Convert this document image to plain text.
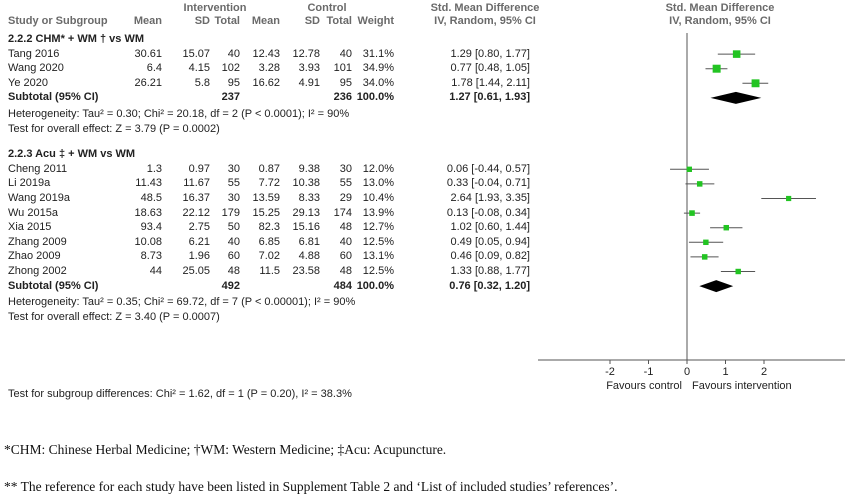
Intervention	Control	Std. Mean Difference	Std. Mean Difference
Study or Subgroup	Mean	SD Total	Mean	SD Total Weight	IV, Random, 95% CI	IV, Random, 95% CI
2.2.2 CHM* + WM † vs WM
Tang 2016	30.61	15.07	40	12.43	12.78	40 31.1%	1.29 [0.80, 1.77]
Wang 2020	6.4	4.15	102	3.28	3.93	101 34.9%	0.77 [0.48, 1.05]
Ye 2020	26.21	5.8	95	16.62	4.91	95 34.0%	1.78 [1.44, 2.11]
Subtotal (95% CI)	237	236 100.0%	1.27 [0.61, 1.93]
Heterogeneity: Tau² = 0.30; Chi² = 20.18, df = 2 (P < 0.0001); I² = 90%
Test for overall effect: Z = 3.79 (P = 0.0002)
2.2.3 Acu ‡ + WM vs WM
Cheng 2011	1.3	0.97	30	0.87	9.38	30 12.0%	0.06 [-0.44, 0.57]
Li 2019a	11.43	11.67	55	7.72	10.38	55 13.0%	0.33 [-0.04, 0.71]
Wang 2019a	48.5	16.37	30	13.59	8.33	29 10.4%	2.64 [1.93, 3.35]
Wu 2015a	18.63	22.12	179	15.25	29.13	174 13.9%	0.13 [-0.08, 0.34]
Xia 2015	93.4	2.75	50	82.3	15.16	48 12.7%	1.02 [0.60, 1.44]
Zhang 2009	10.08	6.21	40	6.85	6.81	40 12.5%	0.49 [0.05, 0.94]
Zhao 2009	8.73	1.96	60	7.02	4.88	60 13.1%	0.46 [0.09, 0.82]
Zhong 2002	44	25.05	48	11.5	23.58	48 12.5%	1.33 [0.88, 1.77]
Subtotal (95% CI)	492	484 100.0%	0.76 [0.32, 1.20]
Heterogeneity: Tau² = 0.35; Chi² = 69.72, df = 7 (P < 0.00001); I² = 90%
Test for overall effect: Z = 3.40 (P = 0.0007)
Test for subgroup differences: Chi² = 1.62, df = 1 (P = 0.20), I² = 38.3%
-2	-1	0	1	2
Favours control Favours intervention
*CHM: Chinese Herbal Medicine; †WM: Western Medicine; ‡Acu: Acupuncture.
** The reference for each study have been listed in Supplement Table 2 and ‘List of included studies’ references’.
